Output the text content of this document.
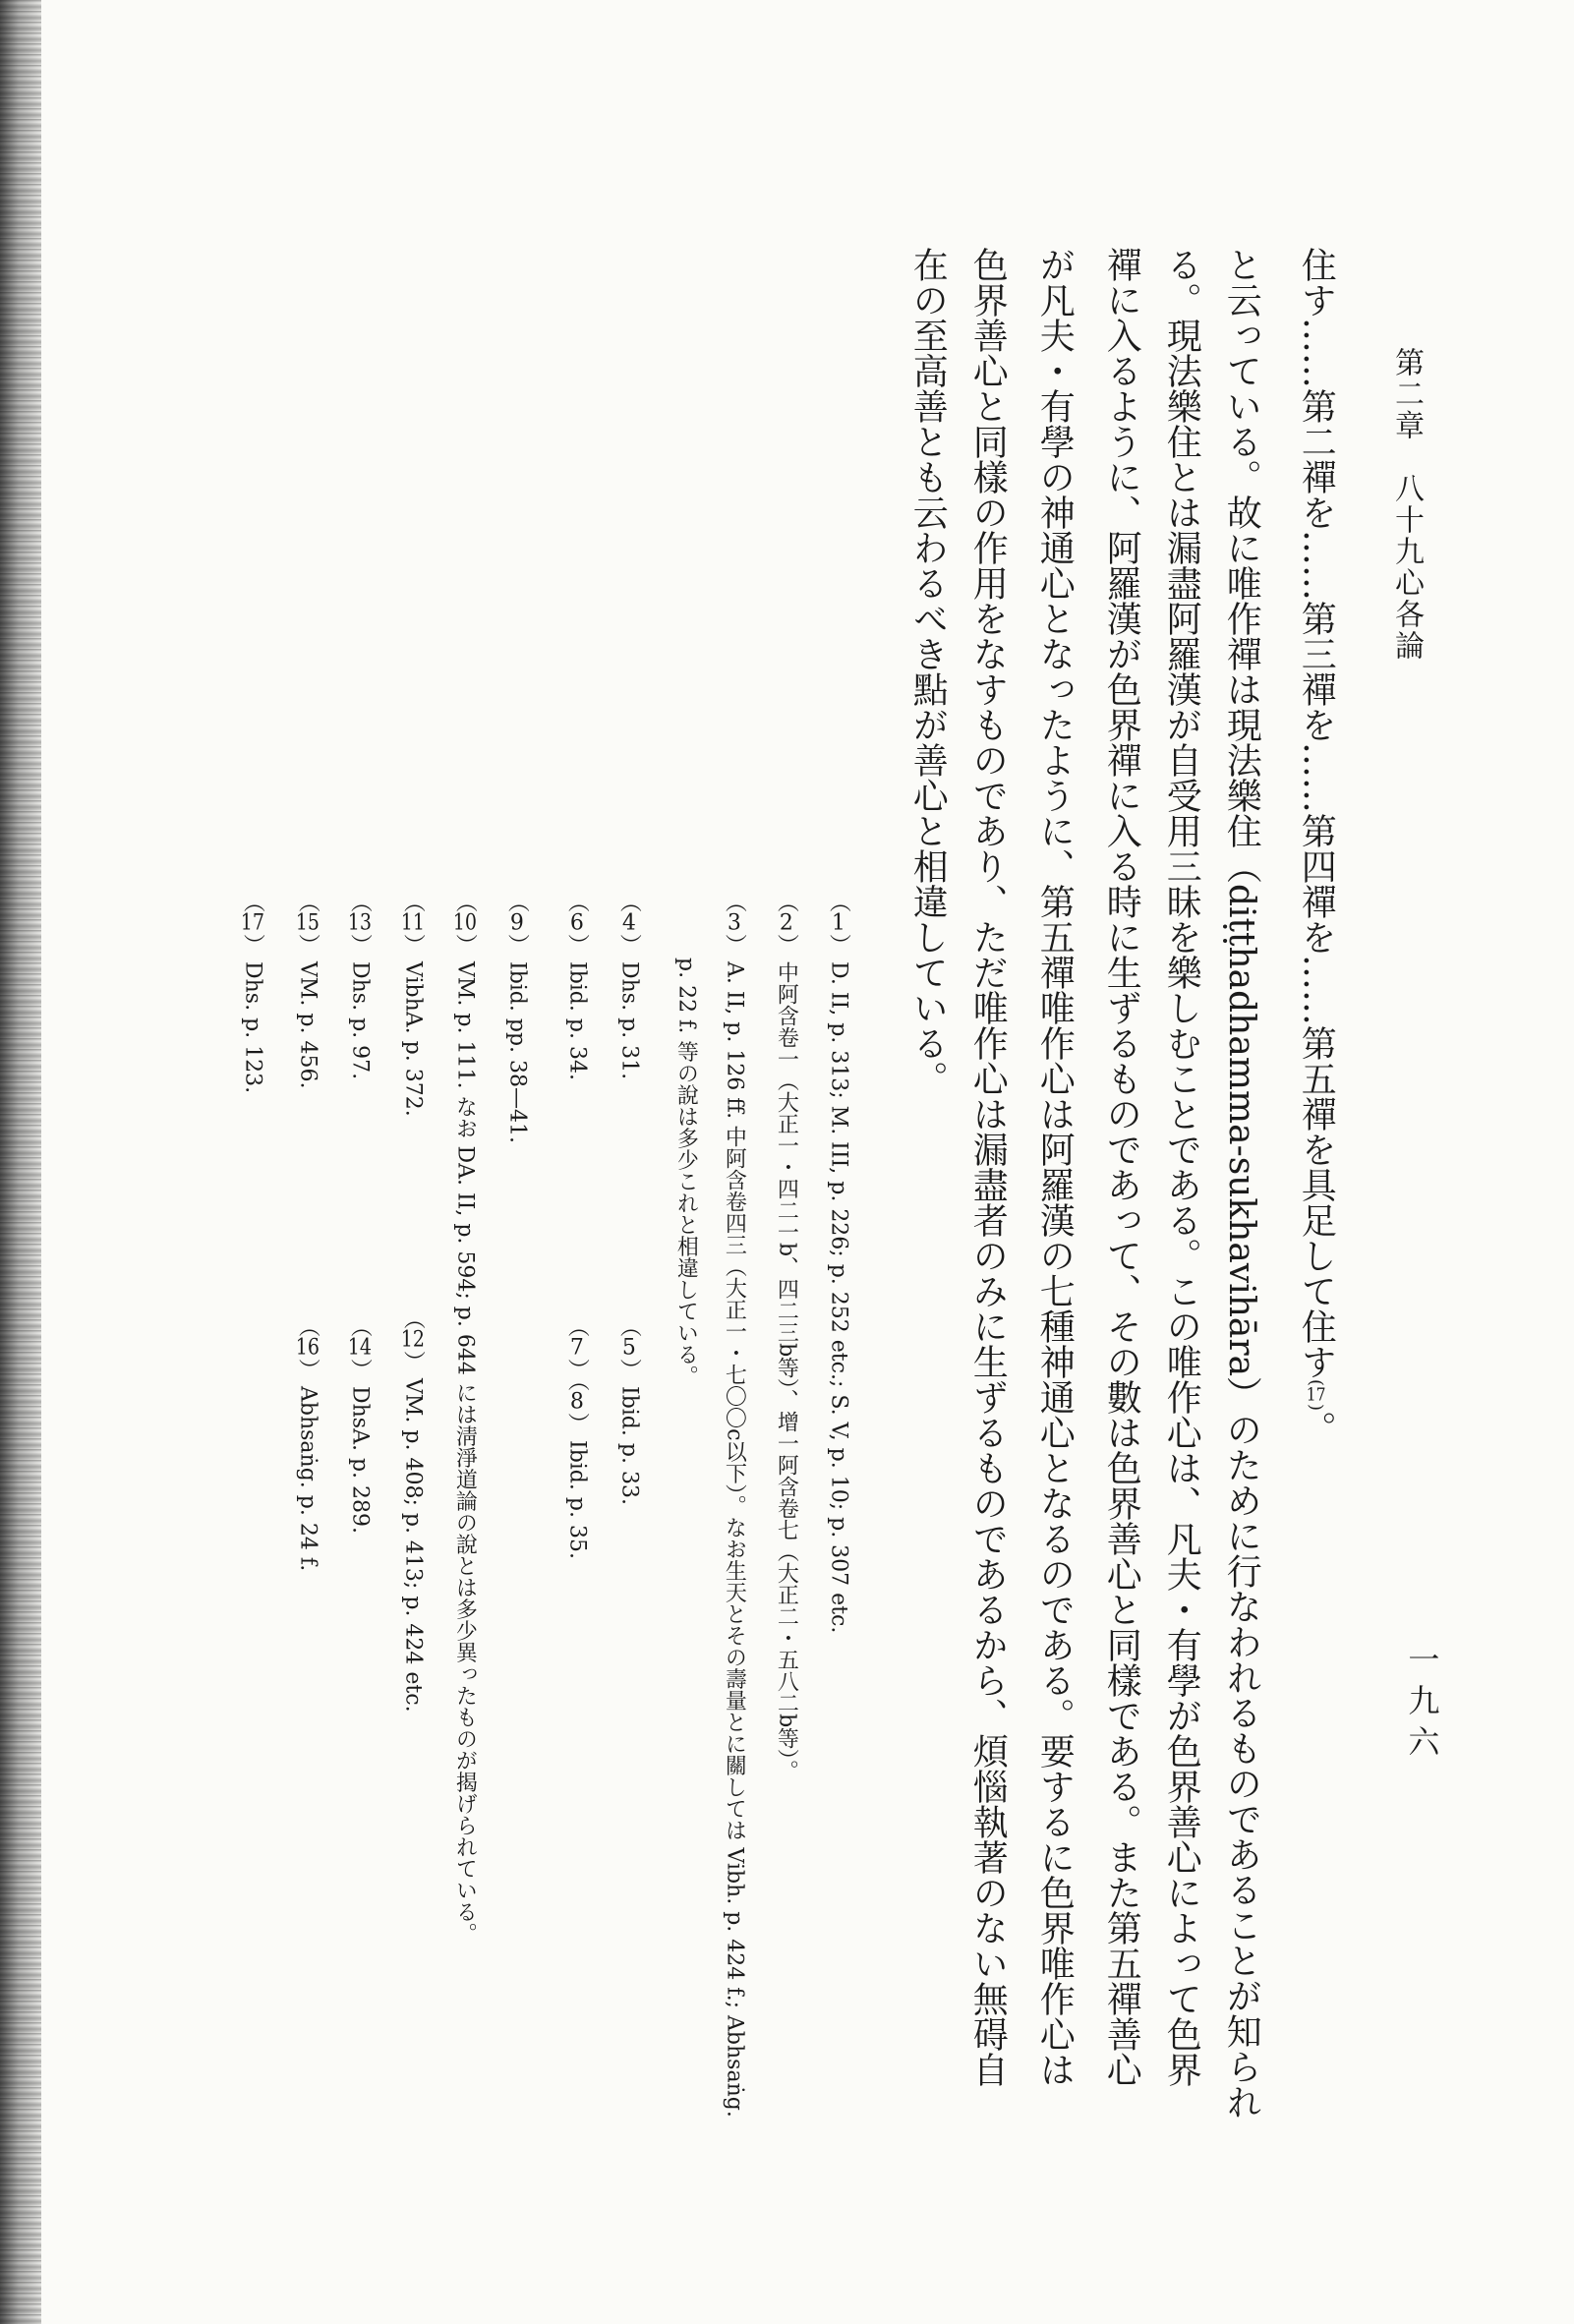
第二章　八十九心各論
一九六
住す……第二禪を……第三禪を……第四禪を……第五禪を具足して住す(17)。
と云っている。故に唯作禪は現法樂住（diṭṭhadhamma-sukhavihāra）のために行なわれるものであることが知られ
る。現法樂住とは漏盡阿羅漢が自受用三昧を樂しむことである。この唯作心は、凡夫・有學が色界善心によって色界
禪に入るように、阿羅漢が色界禪に入る時に生ずるものであって、その數は色界善心と同樣である。また第五禪善心
が凡夫・有學の神通心となったように、第五禪唯作心は阿羅漢の七種神通心となるのである。要するに色界唯作心は
色界善心と同樣の作用をなすものであり、ただ唯作心は漏盡者のみに生ずるものであるから、煩惱執著のない無碍自
在の至高善とも云わるべき點が善心と相違している。
（1）D. II, p. 313; M. III, p. 226; p. 252 etc.; S. V, p. 10; p. 307 etc.
（2）中阿含卷一（大正一・四二一b、四二三b等）、增一阿含卷七（大正二・五八二b等）。
（3）A. II, p. 126 ff. 中阿含卷四三（大正一・七〇〇c以下）。なお生天とその壽量とに關しては Vibh. p. 424 f.; Abhsaṅg.
p. 22 f. 等の說は多少これと相違している。
（4）Dhs. p. 31.
（5）Ibid. p. 33.
（6）Ibid. p. 34.
（7）（8）Ibid. p. 35.
（9）Ibid. pp. 38—41.
（10）VM. p. 111. なお DA. II, p. 594; p. 644 には淸淨道論の說とは多少異ったものが揭げられている。
（11）VibhA. p. 372.
（12）VM. p. 408; p. 413; p. 424 etc.
（13）Dhs. p. 97.
（14）DhsA. p. 289.
（15）VM. p. 456.
（16）Abhsaṅg. p. 24 f.
（17）Dhs. p. 123.
